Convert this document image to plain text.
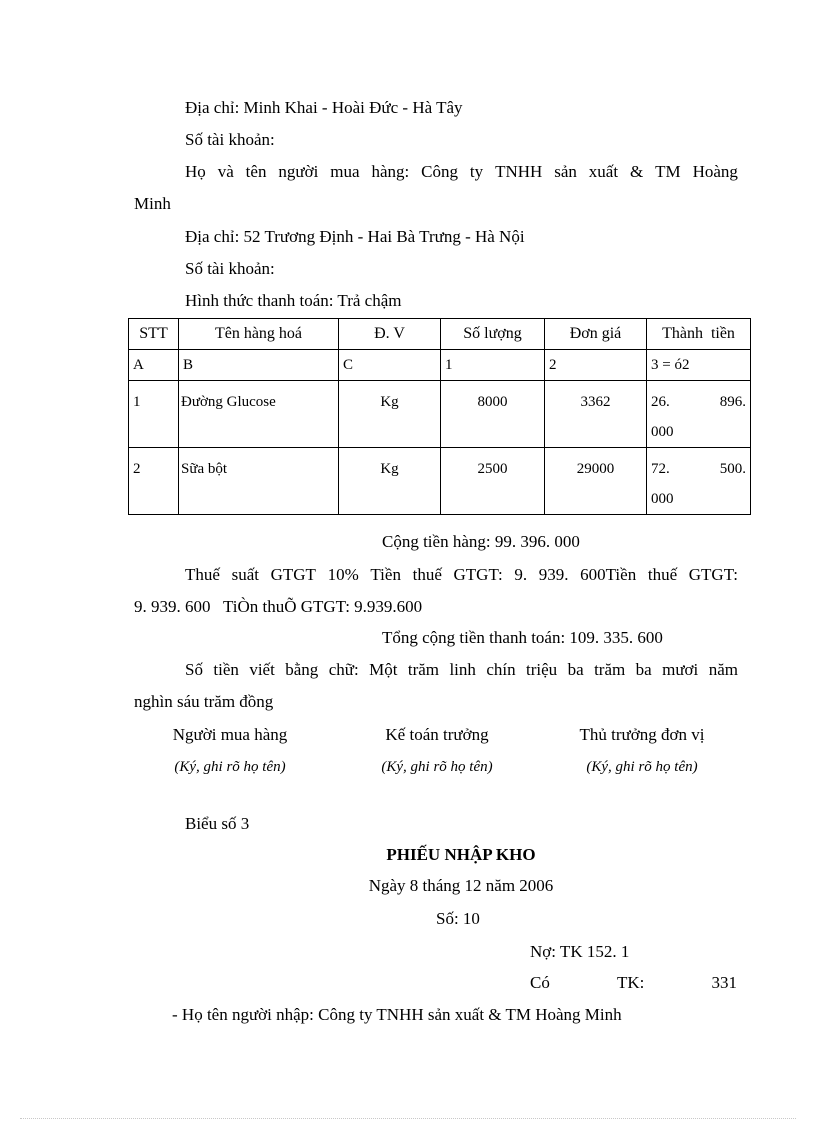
Địa chỉ: Minh Khai - Hoài Đức - Hà Tây
Số tài khoản:
Họ và tên người mua hàng: Công ty TNHH sản xuất & TM Hoàng
Minh
Địa chỉ: 52 Trương Định - Hai Bà Trưng - Hà Nội
Số tài khoản:
Hình thức thanh toán: Trả chậm
STT	Tên hàng hoá	Đ. V	Số lượng	Đơn giá	Thành  tiền
A	B	C	1	2	3 = ó2
1	Đường Glucose	Kg	8000	3362	26. 896.
000

2	Sữa bột	Kg	2500	29000	72. 500.
000
Cộng tiền hàng: 99. 396. 000
Thuế suất GTGT 10% Tiền thuế GTGT: 9. 939. 600Tiền thuế GTGT:
9. 939. 600   TiÒn thuÕ GTGT: 9.939.600
Tổng cộng tiền thanh toán: 109. 335. 600
Số tiền viết bằng chữ: Một trăm linh chín triệu ba trăm ba mươi năm
nghìn sáu trăm đồng
Người mua hàng	Kế toán trưởng	Thủ trưởng đơn vị
(Ký, ghi rõ họ tên)	(Ký, ghi rõ họ tên)	(Ký, ghi rõ họ tên)
Biểu số 3
PHIẾU NHẬP KHO
Ngày 8 tháng 12 năm 2006
Số: 10
Nợ: TK 152. 1
Có	TK:	331
- Họ tên người nhập: Công ty TNHH sản xuất & TM Hoàng Minh
